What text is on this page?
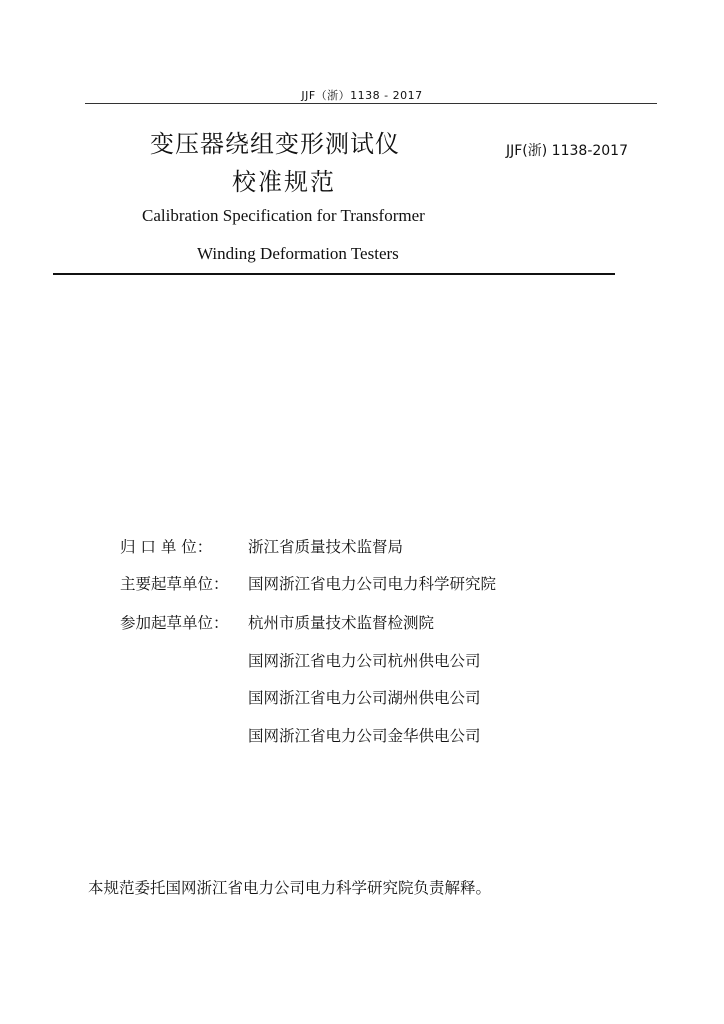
JJF（浙）1138 - 2017
变压器绕组变形测试仪
校准规范
JJF(浙) 1138-2017
Calibration Specification for Transformer
Winding Deformation Testers
归 口 单 位：	浙江省质量技术监督局
主要起草单位：	国网浙江省电力公司电力科学研究院
参加起草单位：	杭州市质量技术监督检测院
国网浙江省电力公司杭州供电公司
国网浙江省电力公司湖州供电公司
国网浙江省电力公司金华供电公司
本规范委托国网浙江省电力公司电力科学研究院负责解释。
